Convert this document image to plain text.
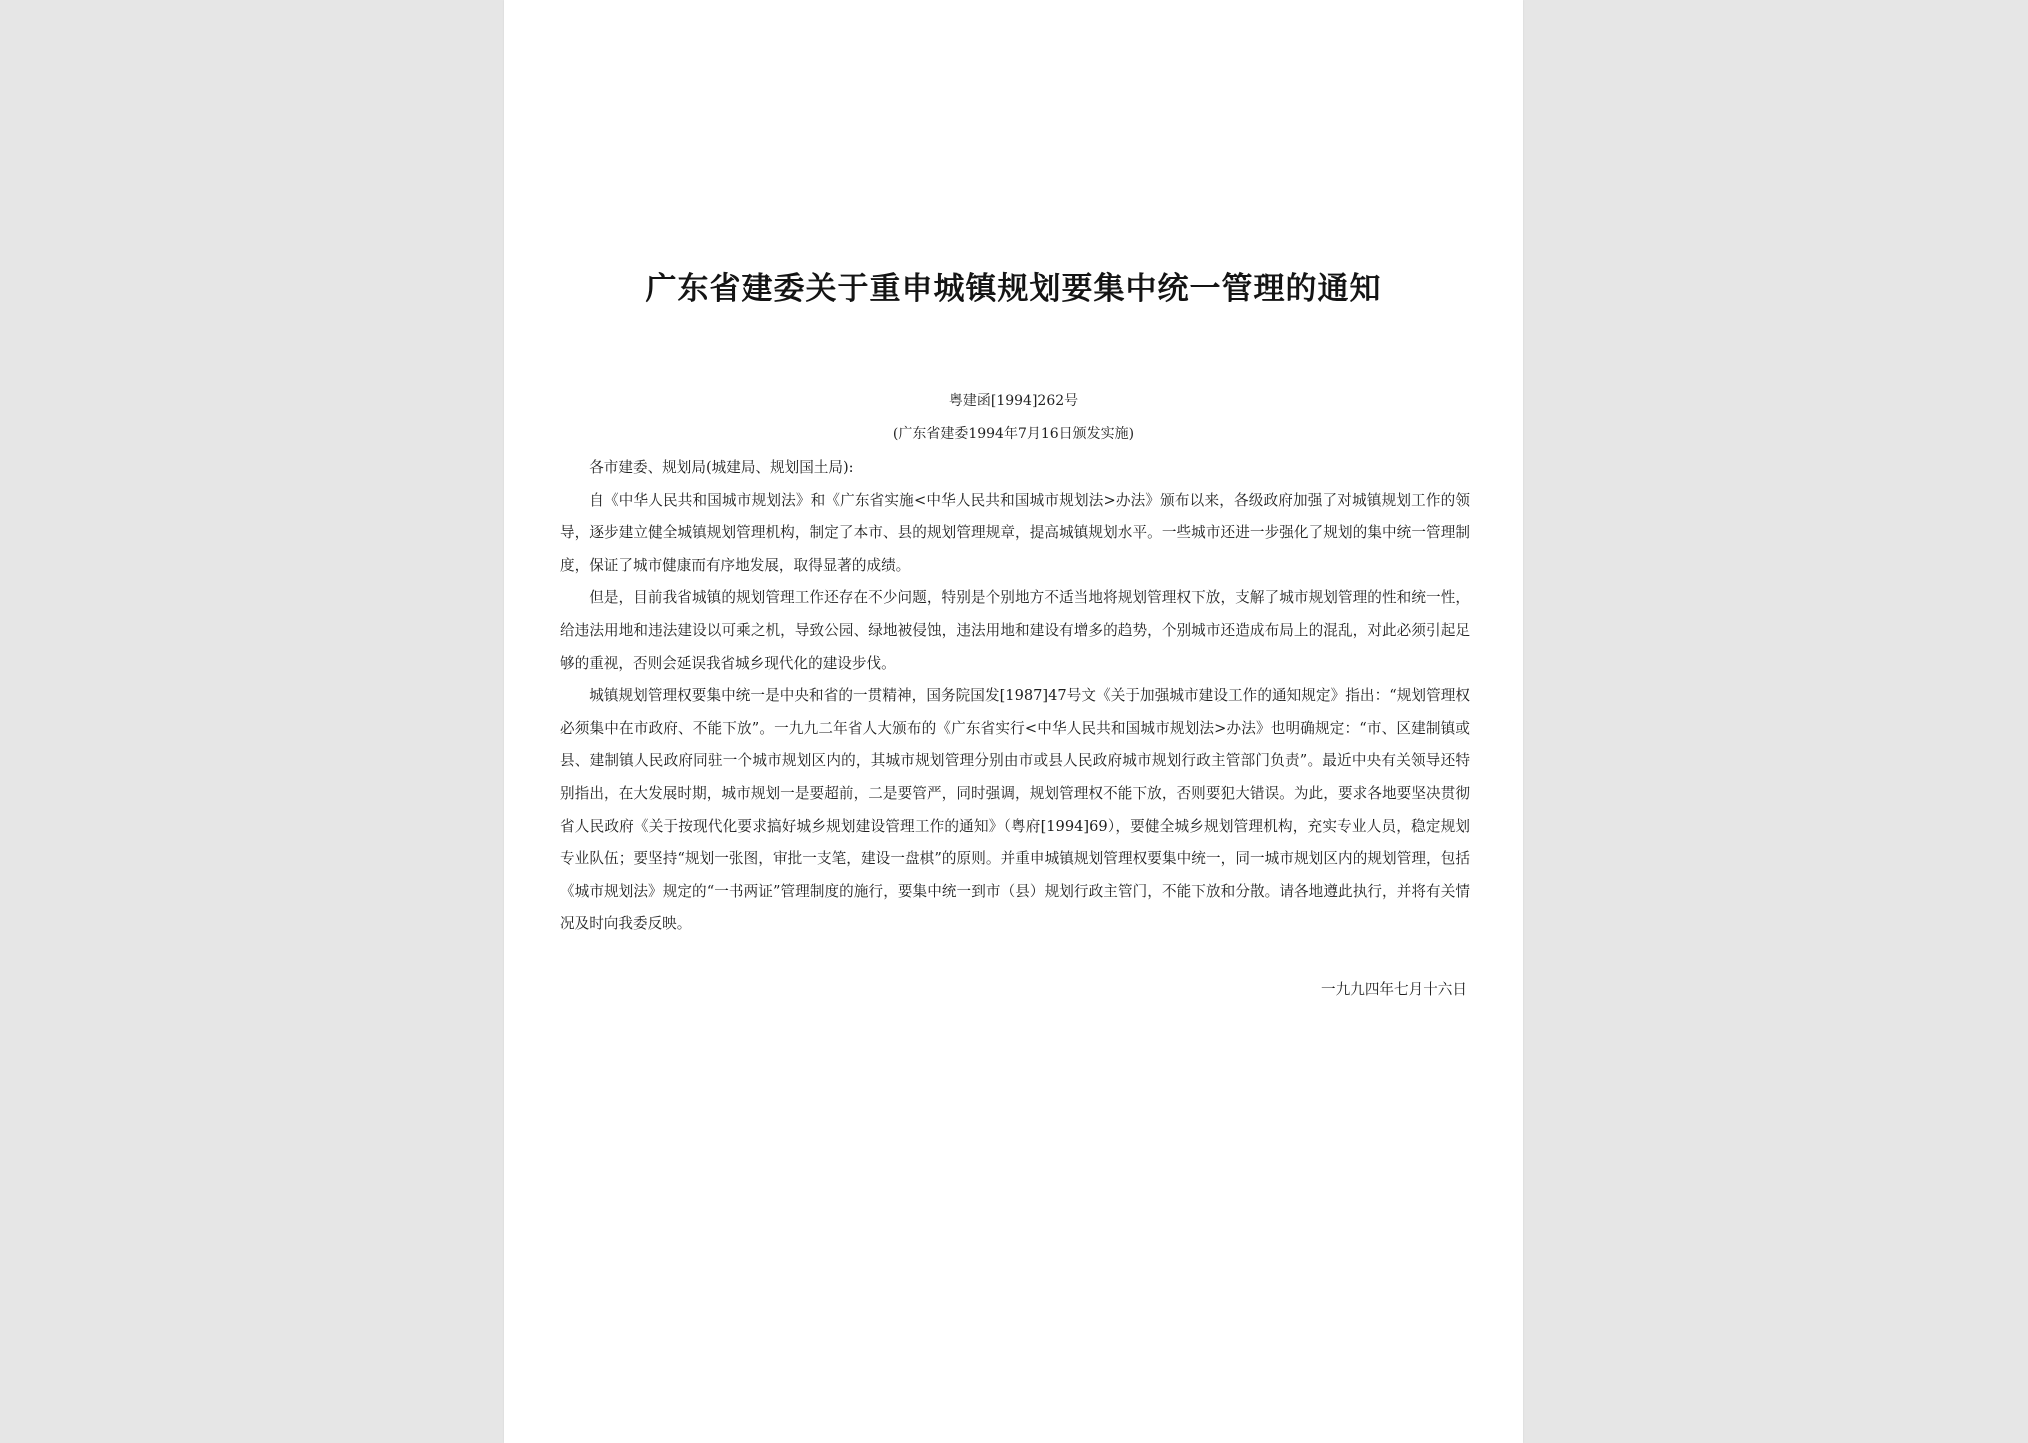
广东省建委关于重申城镇规划要集中统一管理的通知
粤建函[1994]262号
(广东省建委1994年7月16日颁发实施)

各市建委、规划局(城建局、规划国土局):

自《中华人民共和国城市规划法》和《广东省实施<中华人民共和国城市规划法>办法》颁布以来，各级政府加强了对城镇规划工作的领导，逐步建立健全城镇规划管理机构，制定了本市、县的规划管理规章，提高城镇规划水平。一些城市还进一步强化了规划的集中统一管理制度，保证了城市健康而有序地发展，取得显著的成绩。

但是，目前我省城镇的规划管理工作还存在不少问题，特别是个别地方不适当地将规划管理权下放，支解了城市规划管理的性和统一性，给违法用地和违法建设以可乘之机，导致公园、绿地被侵蚀，违法用地和建设有增多的趋势，个别城市还造成布局上的混乱，对此必须引起足够的重视，否则会延误我省城乡现代化的建设步伐。

城镇规划管理权要集中统一是中央和省的一贯精神，国务院国发[1987]47号文《关于加强城市建设工作的通知规定》指出：“规划管理权必须集中在市政府、不能下放”。一九九二年省人大颁布的《广东省实行<中华人民共和国城市规划法>办法》也明确规定：“市、区建制镇或县、建制镇人民政府同驻一个城市规划区内的，其城市规划管理分别由市或县人民政府城市规划行政主管部门负责”。最近中央有关领导还特别指出，在大发展时期，城市规划一是要超前，二是要管严，同时强调，规划管理权不能下放，否则要犯大错误。为此，要求各地要坚决贯彻省人民政府《关于按现代化要求搞好城乡规划建设管理工作的通知》（粤府[1994]69），要健全城乡规划管理机构，充实专业人员，稳定规划专业队伍；要坚持“规划一张图，审批一支笔，建设一盘棋”的原则。并重申城镇规划管理权要集中统一，同一城市规划区内的规划管理，包括《城市规划法》规定的“一书两证”管理制度的施行，要集中统一到市（县）规划行政主管门，不能下放和分散。请各地遵此执行，并将有关情况及时向我委反映。

一九九四年七月十六日
